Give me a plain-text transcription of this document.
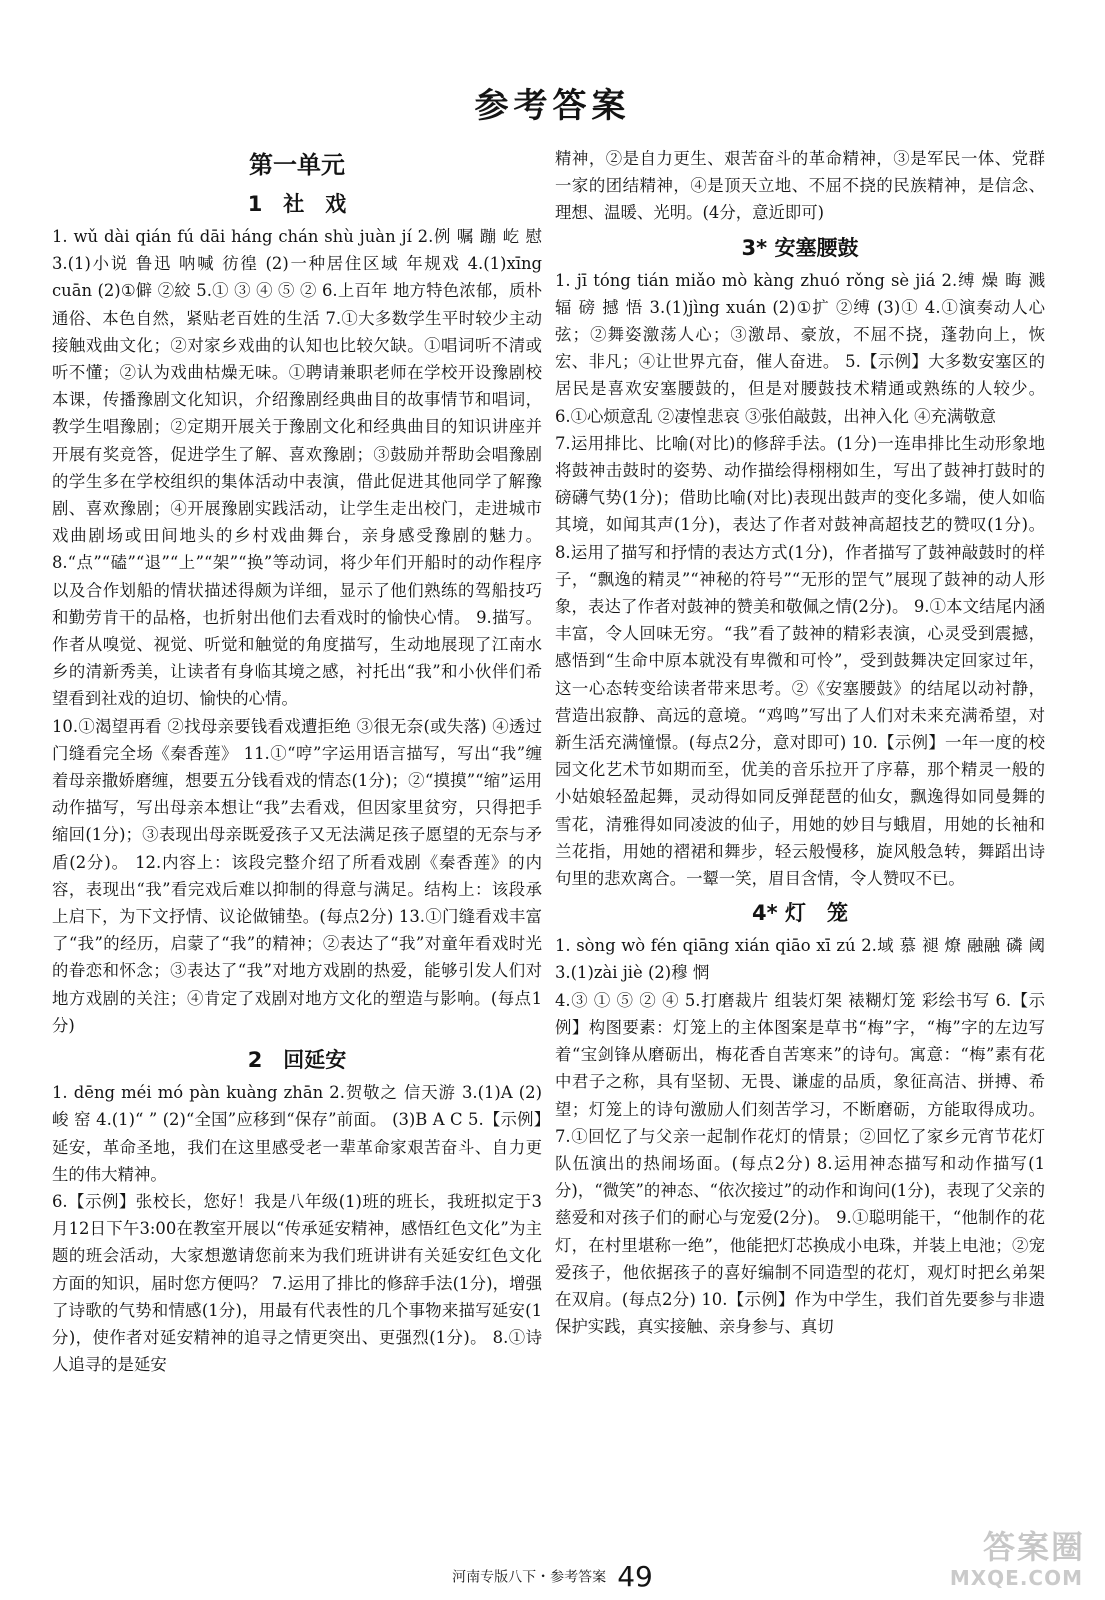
参考答案
第一单元
1　社　戏

1. wǔ dài qián fú dāi háng chán shù juàn jí 2.例 嘱 蹦 屹 慰 3.(1)小说 鲁迅 呐喊 彷徨 (2)一种居住区域 年规戏 4.(1)xīng cuān (2)①僻 ②絞 5.① ③ ④ ⑤ ② 6.上百年 地方特色浓郁，质朴通俗、本色自然，紧贴老百姓的生活 7.①大多数学生平时较少主动接触戏曲文化；②对家乡戏曲的认知也比较欠缺。①唱词听不清或听不懂；②认为戏曲枯燥无味。①聘请兼职老师在学校开设豫剧校本课，传播豫剧文化知识，介绍豫剧经典曲目的故事情节和唱词，教学生唱豫剧；②定期开展关于豫剧文化和经典曲目的知识讲座并开展有奖竞答，促进学生了解、喜欢豫剧；③鼓励并帮助会唱豫剧的学生多在学校组织的集体活动中表演，借此促进其他同学了解豫剧、喜欢豫剧；④开展豫剧实践活动，让学生走出校门，走进城市戏曲剧场或田间地头的乡村戏曲舞台，亲身感受豫剧的魅力。 8.“点”“磕”“退”“上”“架”“换”等动词，将少年们开船时的动作程序以及合作划船的情状描述得颇为详细，显示了他们熟练的驾船技巧和勤劳肯干的品格，也折射出他们去看戏时的愉快心情。 9.描写。作者从嗅觉、视觉、听觉和触觉的角度描写，生动地展现了江南水乡的清新秀美，让读者有身临其境之感，衬托出“我”和小伙伴们希望看到社戏的迫切、愉快的心情。

10.①渴望再看 ②找母亲要钱看戏遭拒绝 ③很无奈(或失落) ④透过门缝看完全场《秦香莲》 11.①“哼”字运用语言描写，写出“我”缠着母亲撒娇磨缠，想要五分钱看戏的情态(1分)；②“摸摸”“缩”运用动作描写，写出母亲本想让“我”去看戏，但因家里贫穷，只得把手缩回(1分)；③表现出母亲既爱孩子又无法满足孩子愿望的无奈与矛盾(2分)。 12.内容上：该段完整介绍了所看戏剧《秦香莲》的内容，表现出“我”看完戏后难以抑制的得意与满足。结构上：该段承上启下，为下文抒情、议论做铺垫。(每点2分) 13.①门缝看戏丰富了“我”的经历，启蒙了“我”的精神；②表达了“我”对童年看戏时光的眷恋和怀念；③表达了“我”对地方戏剧的热爱，能够引发人们对地方戏剧的关注；④肯定了戏剧对地方文化的塑造与影响。(每点1分)

2　回延安

1. dēng méi mó pàn kuàng zhān 2.贺敬之 信天游 3.(1)A (2)峻 窑 4.(1)“ ” (2)“全国”应移到“保存”前面。 (3)B A C 5.【示例】延安，革命圣地，我们在这里感受老一辈革命家艰苦奋斗、自力更生的伟大精神。

6.【示例】张校长，您好！我是八年级(1)班的班长，我班拟定于3月12日下午3:00在教室开展以“传承延安精神，感悟红色文化”为主题的班会活动，大家想邀请您前来为我们班讲讲有关延安红色文化方面的知识，届时您方便吗？ 7.运用了排比的修辞手法(1分)，增强了诗歌的气势和情感(1分)，用最有代表性的几个事物来描写延安(1分)，使作者对延安精神的追寻之情更突出、更强烈(1分)。 8.①诗人追寻的是延安

精神，②是自力更生、艰苦奋斗的革命精神，③是军民一体、党群一家的团结精神，④是顶天立地、不屈不挠的民族精神，是信念、理想、温暖、光明。(4分，意近即可)

3* 安塞腰鼓

1. jī tóng tián miǎo mò kàng zhuó rǒng sè jiá 2.缚 燥 晦 溅 辐 磅 撼 悟 3.(1)jìng xuán (2)①扩 ②缚 (3)① 4.①演奏动人心弦；②舞姿激荡人心；③激昂、豪放，不屈不挠，蓬勃向上，恢宏、非凡；④让世界亢奋，催人奋进。 5.【示例】大多数安塞区的居民是喜欢安塞腰鼓的，但是对腰鼓技术精通或熟练的人较少。 6.①心烦意乱 ②凄惶悲哀 ③张伯敲鼓，出神入化 ④充满敬意

7.运用排比、比喻(对比)的修辞手法。(1分)一连串排比生动形象地将鼓神击鼓时的姿势、动作描绘得栩栩如生，写出了鼓神打鼓时的磅礴气势(1分)；借助比喻(对比)表现出鼓声的变化多端，使人如临其境，如闻其声(1分)，表达了作者对鼓神高超技艺的赞叹(1分)。 8.运用了描写和抒情的表达方式(1分)，作者描写了鼓神敲鼓时的样子，“飘逸的精灵”“神秘的符号”“无形的罡气”展现了鼓神的动人形象，表达了作者对鼓神的赞美和敬佩之情(2分)。 9.①本文结尾内涵丰富，令人回味无穷。“我”看了鼓神的精彩表演，心灵受到震撼，感悟到“生命中原本就没有卑微和可怜”，受到鼓舞决定回家过年，这一心态转变给读者带来思考。②《安塞腰鼓》的结尾以动衬静，营造出寂静、高远的意境。“鸡鸣”写出了人们对未来充满希望，对新生活充满憧憬。(每点2分，意对即可) 10.【示例】一年一度的校园文化艺术节如期而至，优美的音乐拉开了序幕，那个精灵一般的小姑娘轻盈起舞，灵动得如同反弹琵琶的仙女，飘逸得如同曼舞的雪花，清雅得如同凌波的仙子，用她的妙目与蛾眉，用她的长袖和兰花指，用她的褶裙和舞步，轻云般慢移，旋风般急转，舞蹈出诗句里的悲欢离合。一颦一笑，眉目含情，令人赞叹不已。

4* 灯　笼

1. sòng wò fén qiāng xián qiāo xī zú 2.域 慕 褪 燎 融融 磷 阈 3.(1)zài jiè (2)穆 惘

4.③ ① ⑤ ② ④ 5.打磨裁片 组装灯架 裱糊灯笼 彩绘书写 6.【示例】构图要素：灯笼上的主体图案是草书“梅”字，“梅”字的左边写着“宝剑锋从磨砺出，梅花香自苦寒来”的诗句。寓意：“梅”素有花中君子之称，具有坚韧、无畏、谦虚的品质，象征高洁、拼搏、希望；灯笼上的诗句激励人们刻苦学习，不断磨砺，方能取得成功。 7.①回忆了与父亲一起制作花灯的情景；②回忆了家乡元宵节花灯队伍演出的热闹场面。(每点2分) 8.运用神态描写和动作描写(1分)，“微笑”的神态、“依次接过”的动作和询问(1分)，表现了父亲的慈爱和对孩子们的耐心与宠爱(2分)。 9.①聪明能干，“他制作的花灯，在村里堪称一绝”，他能把灯芯换成小电珠，并装上电池；②宠爱孩子，他依据孩子的喜好编制不同造型的花灯，观灯时把幺弟架在双肩。(每点2分) 10.【示例】作为中学生，我们首先要参与非遗保护实践，真实接触、亲身参与、真切

河南专版八下・参考答案 49
答案圈
MXQE.COM
